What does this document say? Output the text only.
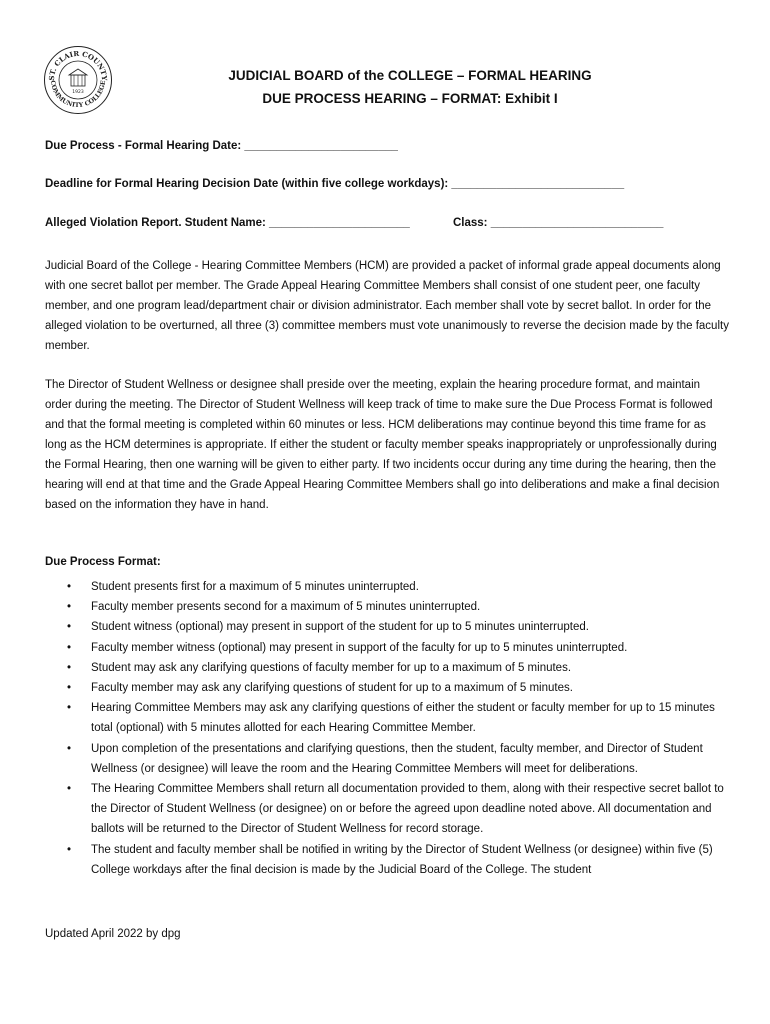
ST. CLAIR COUNTY
COMMUNITY COLLEGE
1923
JUDICIAL BOARD of the COLLEGE – FORMAL HEARING
DUE PROCESS HEARING – FORMAT: Exhibit I
Due Process - Formal Hearing Date: ________________________
Deadline for Formal Hearing Decision Date (within five college workdays): ___________________________
Alleged Violation Report. Student Name: ______________________	Class: ___________________________

Judicial Board of the College - Hearing Committee Members (HCM) are provided a packet of informal grade appeal documents along with one secret ballot per member. The Grade Appeal Hearing Committee Members shall consist of one student peer, one faculty member, and one program lead/department chair or division administrator. Each member shall vote by secret ballot. In order for the alleged violation to be overturned, all three (3) committee members must vote unanimously to reverse the decision made by the faculty member.

The Director of Student Wellness or designee shall preside over the meeting, explain the hearing procedure format, and maintain order during the meeting. The Director of Student Wellness will keep track of time to make sure the Due Process Format is followed and that the formal meeting is completed within 60 minutes or less. HCM deliberations may continue beyond this time frame for as long as the HCM determines is appropriate. If either the student or faculty member speaks inappropriately or unprofessionally during the Formal Hearing, then one warning will be given to either party. If two incidents occur during any time during the hearing, then the hearing will end at that time and the Grade Appeal Hearing Committee Members shall go into deliberations and make a final decision based on the information they have in hand.

Due Process Format:
• Student presents first for a maximum of 5 minutes uninterrupted.
• Faculty member presents second for a maximum of 5 minutes uninterrupted.
• Student witness (optional) may present in support of the student for up to 5 minutes uninterrupted.
• Faculty member witness (optional) may present in support of the faculty for up to 5 minutes uninterrupted.
• Student may ask any clarifying questions of faculty member for up to a maximum of 5 minutes.
• Faculty member may ask any clarifying questions of student for up to a maximum of 5 minutes.
• Hearing Committee Members may ask any clarifying questions of either the student or faculty member for up to 15 minutes total (optional) with 5 minutes allotted for each Hearing Committee Member.
• Upon completion of the presentations and clarifying questions, then the student, faculty member, and Director of Student Wellness (or designee) will leave the room and the Hearing Committee Members will meet for deliberations.
• The Hearing Committee Members shall return all documentation provided to them, along with their respective secret ballot to the Director of Student Wellness (or designee) on or before the agreed upon deadline noted above. All documentation and ballots will be returned to the Director of Student Wellness for record storage.
• The student and faculty member shall be notified in writing by the Director of Student Wellness (or designee) within five (5) College workdays after the final decision is made by the Judicial Board of the College. The student
Updated April 2022 by dpg
